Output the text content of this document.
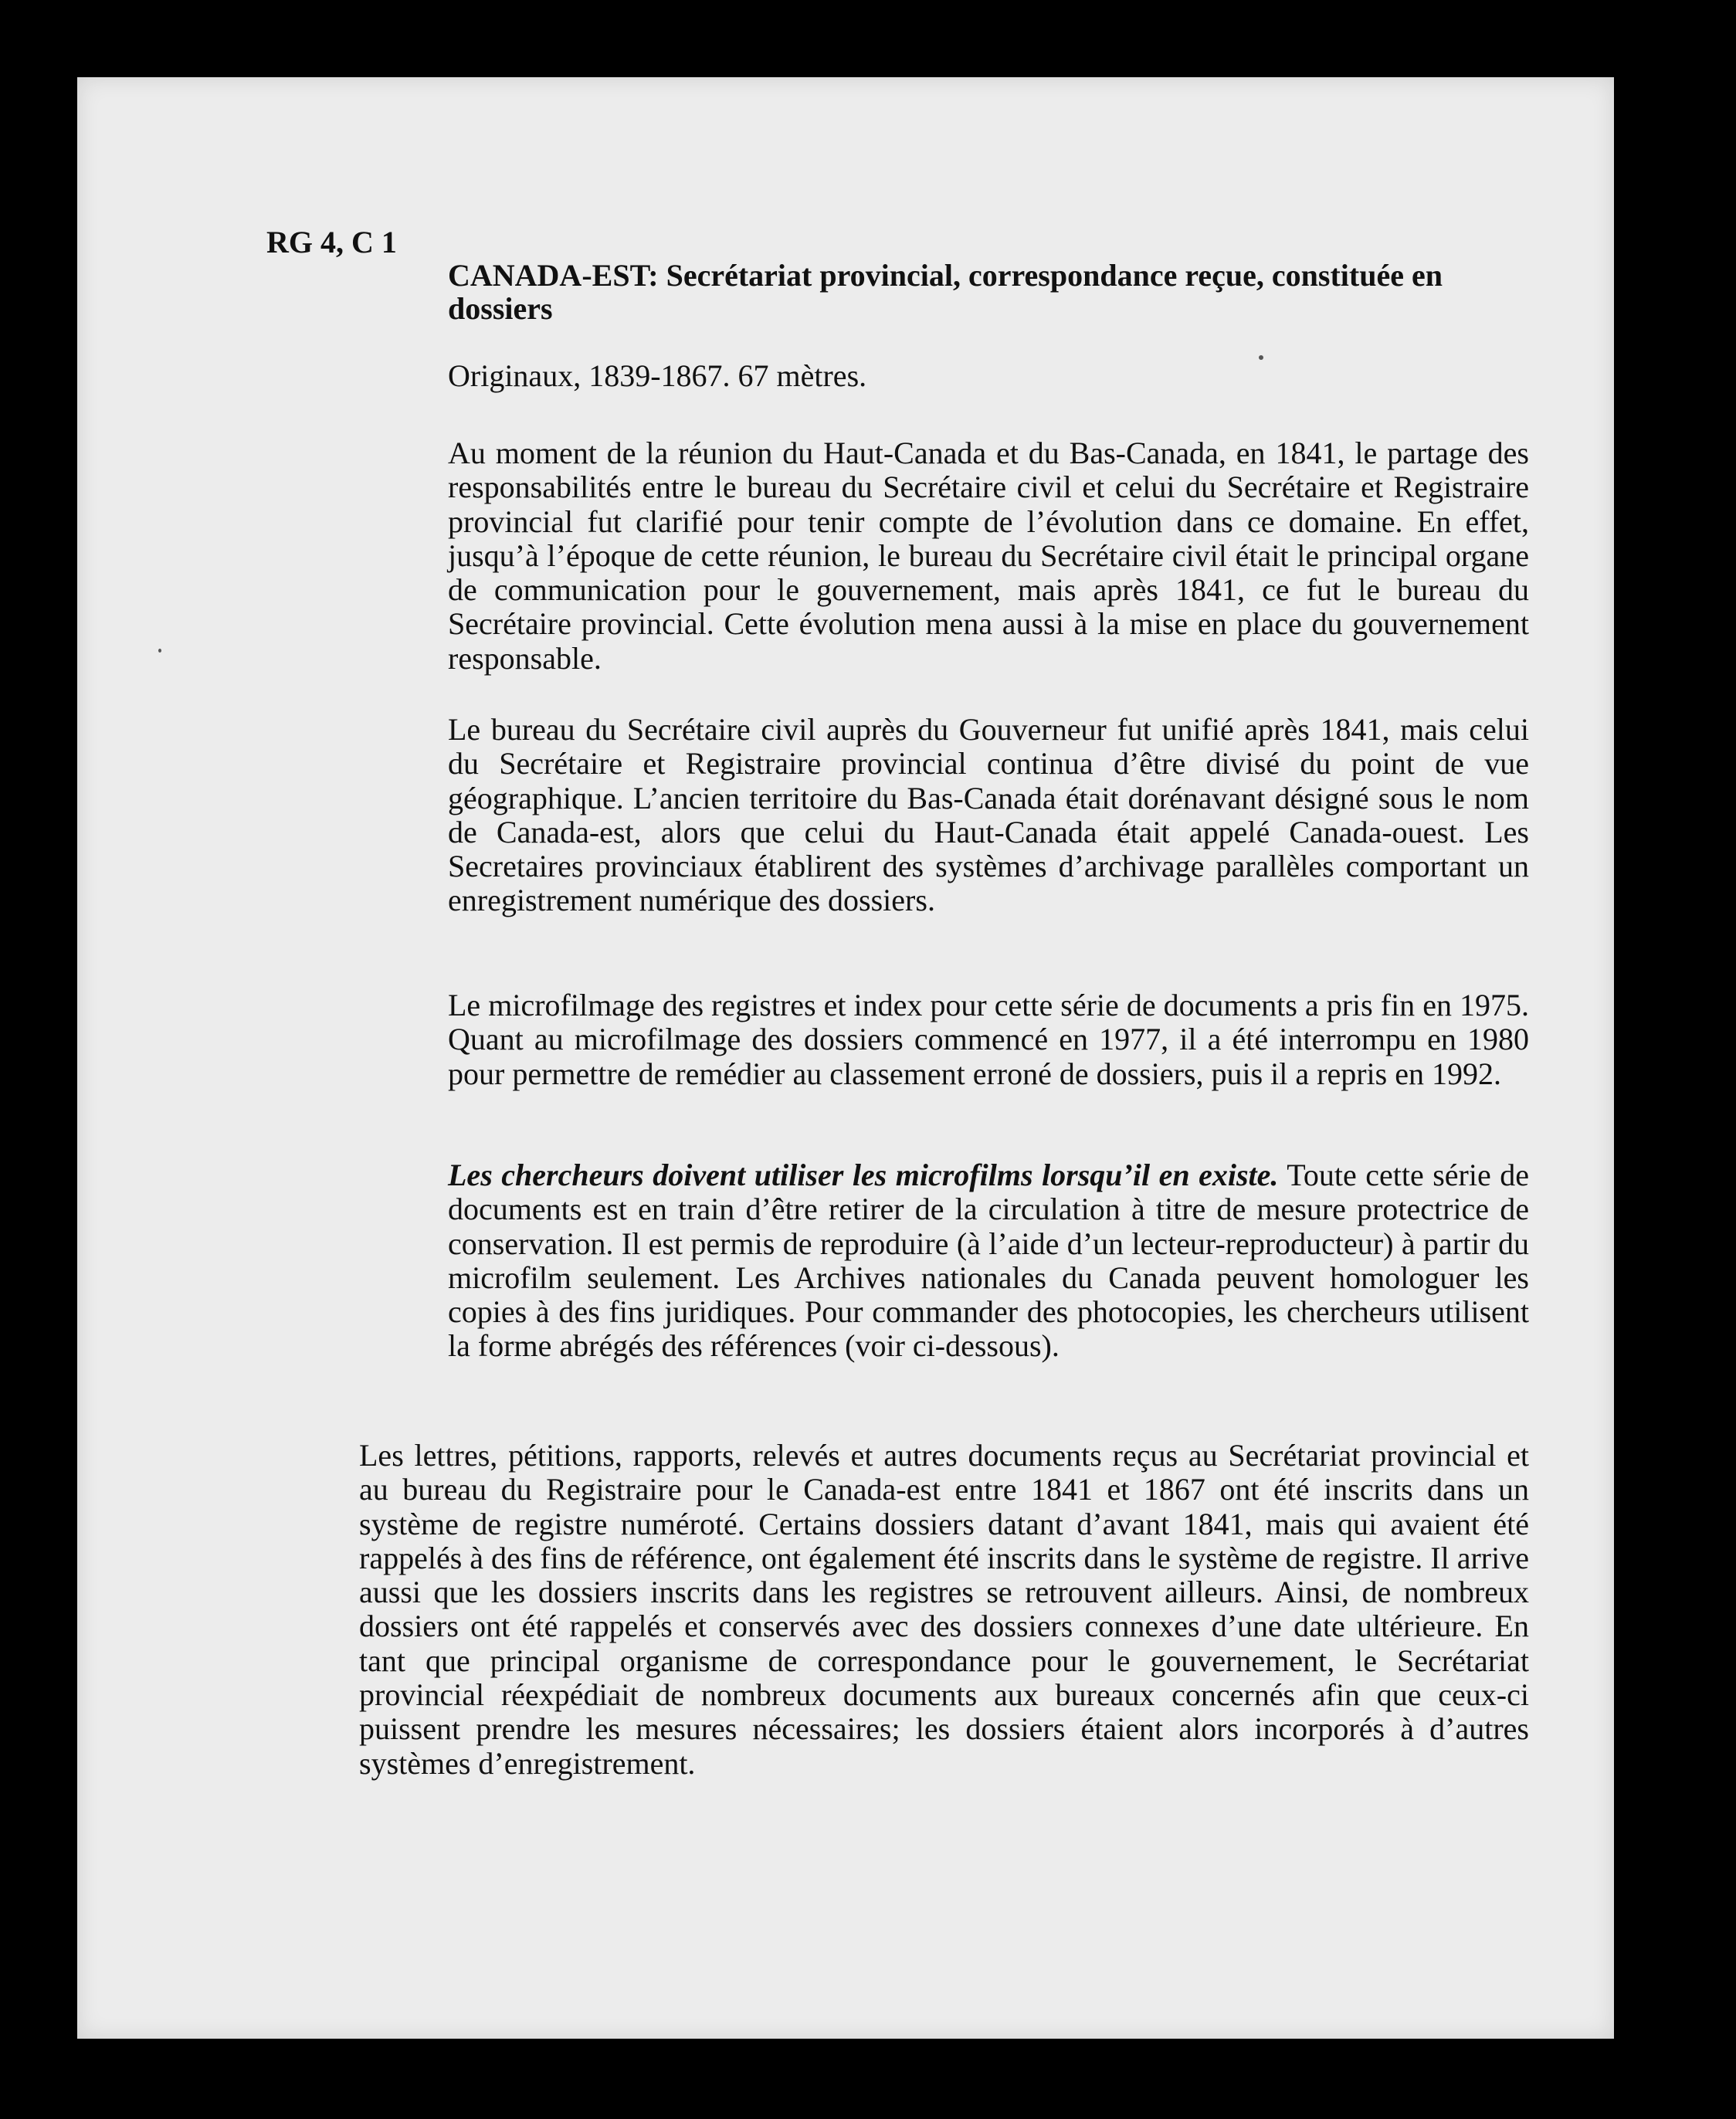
RG 4, C 1

CANADA-EST: Secrétariat provincial, correspondance reçue, constituée en dossiers

Originaux, 1839-1867. 67 mètres.

Au moment de la réunion du Haut-Canada et du Bas-Canada, en 1841, le partage des responsabilités entre le bureau du Secrétaire civil et celui du Secrétaire et Registraire provincial fut clarifié pour tenir compte de l’évolution dans ce domaine. En effet, jusqu’à l’époque de cette réunion, le bureau du Secrétaire civil était le principal organe de communication pour le gouvernement, mais après 1841, ce fut le bureau du Secrétaire provincial. Cette évolution mena aussi à la mise en place du gouvernement responsable.

Le bureau du Secrétaire civil auprès du Gouverneur fut unifié après 1841, mais celui du Secrétaire et Registraire provincial continua d’être divisé du point de vue géographique. L’ancien territoire du Bas-Canada était dorénavant désigné sous le nom de Canada-est, alors que celui du Haut-Canada était appelé Canada-ouest. Les Secretaires provinciaux établirent des systèmes d’archivage parallèles comportant un enregistrement numérique des dossiers.

Le microfilmage des registres et index pour cette série de documents a pris fin en 1975. Quant au microfilmage des dossiers commencé en 1977, il a été interrompu en 1980 pour permettre de remédier au classement erroné de dossiers, puis il a repris en 1992.

Les chercheurs doivent utiliser les microfilms lorsqu’il en existe. Toute cette série de documents est en train d’être retirer de la circulation à titre de mesure protectrice de conservation. Il est permis de reproduire (à l’aide d’un lecteur-reproducteur) à partir du microfilm seulement. Les Archives nationales du Canada peuvent homologuer les copies à des fins juridiques. Pour commander des photocopies, les chercheurs utilisent la forme abrégés des références (voir ci-dessous).

Les lettres, pétitions, rapports, relevés et autres documents reçus au Secrétariat provincial et au bureau du Registraire pour le Canada-est entre 1841 et 1867 ont été inscrits dans un système de registre numéroté. Certains dossiers datant d’avant 1841, mais qui avaient été rappelés à des fins de référence, ont également été inscrits dans le système de registre. Il arrive aussi que les dossiers inscrits dans les registres se retrouvent ailleurs. Ainsi, de nombreux dossiers ont été rappelés et conservés avec des dossiers connexes d’une date ultérieure. En tant que principal organisme de correspondance pour le gouvernement, le Secrétariat provincial réexpédiait de nombreux documents aux bureaux concernés afin que ceux-ci puissent prendre les mesures nécessaires; les dossiers étaient alors incorporés à d’autres systèmes d’enregistrement.
